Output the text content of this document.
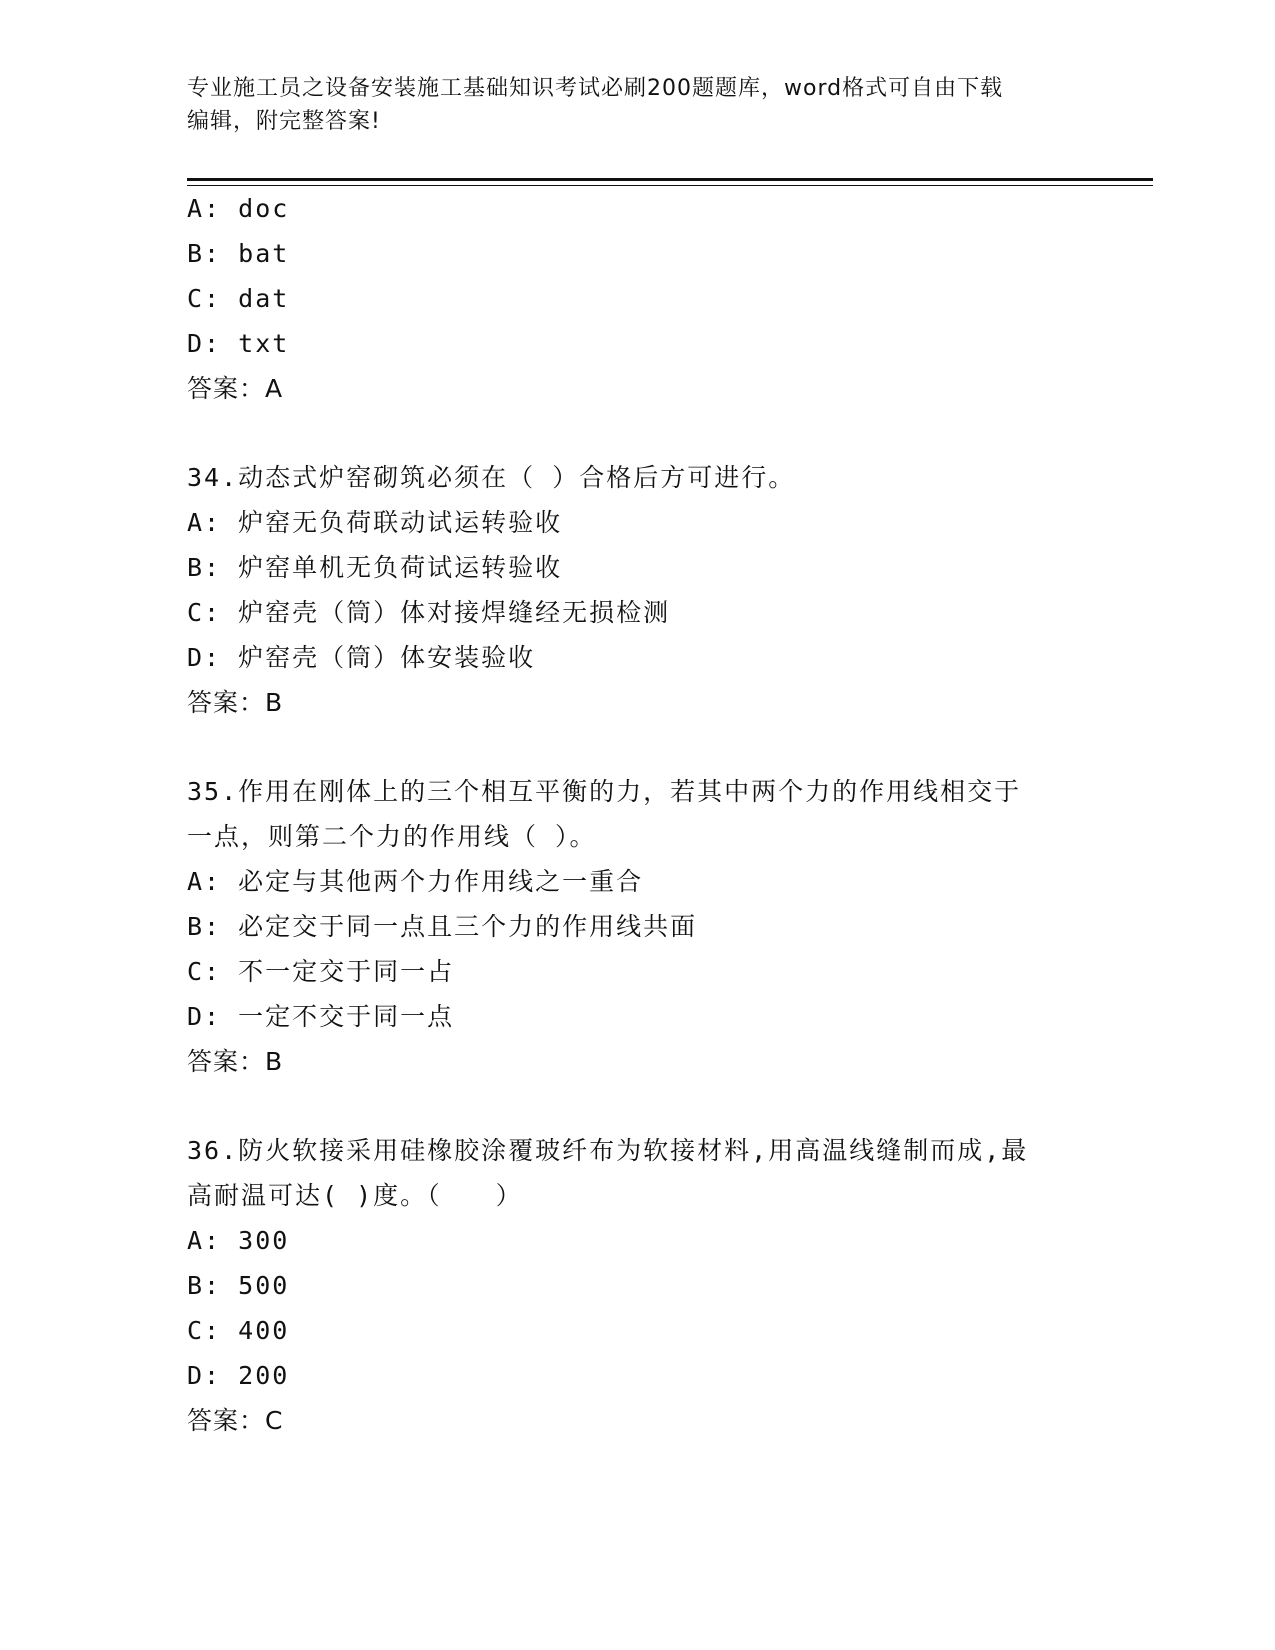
专业施工员之设备安装施工基础知识考试必刷200题题库，word格式可自由下载
编辑，附完整答案!
A: doc
B: bat
C: dat
D: txt
答案：A
34.动态式炉窑砌筑必须在（ ）合格后方可进行。
A: 炉窑无负荷联动试运转验收
B: 炉窑单机无负荷试运转验收
C: 炉窑壳（筒）体对接焊缝经无损检测
D: 炉窑壳（筒）体安装验收
答案：B
35.作用在刚体上的三个相互平衡的力，若其中两个力的作用线相交于
一点，则第二个力的作用线（ ）。
A: 必定与其他两个力作用线之一重合
B: 必定交于同一点且三个力的作用线共面
C: 不一定交于同一占
D: 一定不交于同一点
答案：B
36.防火软接采用硅橡胶涂覆玻纤布为软接材料,用高温线缝制而成,最
高耐温可达( )度。（　　）
A: 300
B: 500
C: 400
D: 200
答案：C
